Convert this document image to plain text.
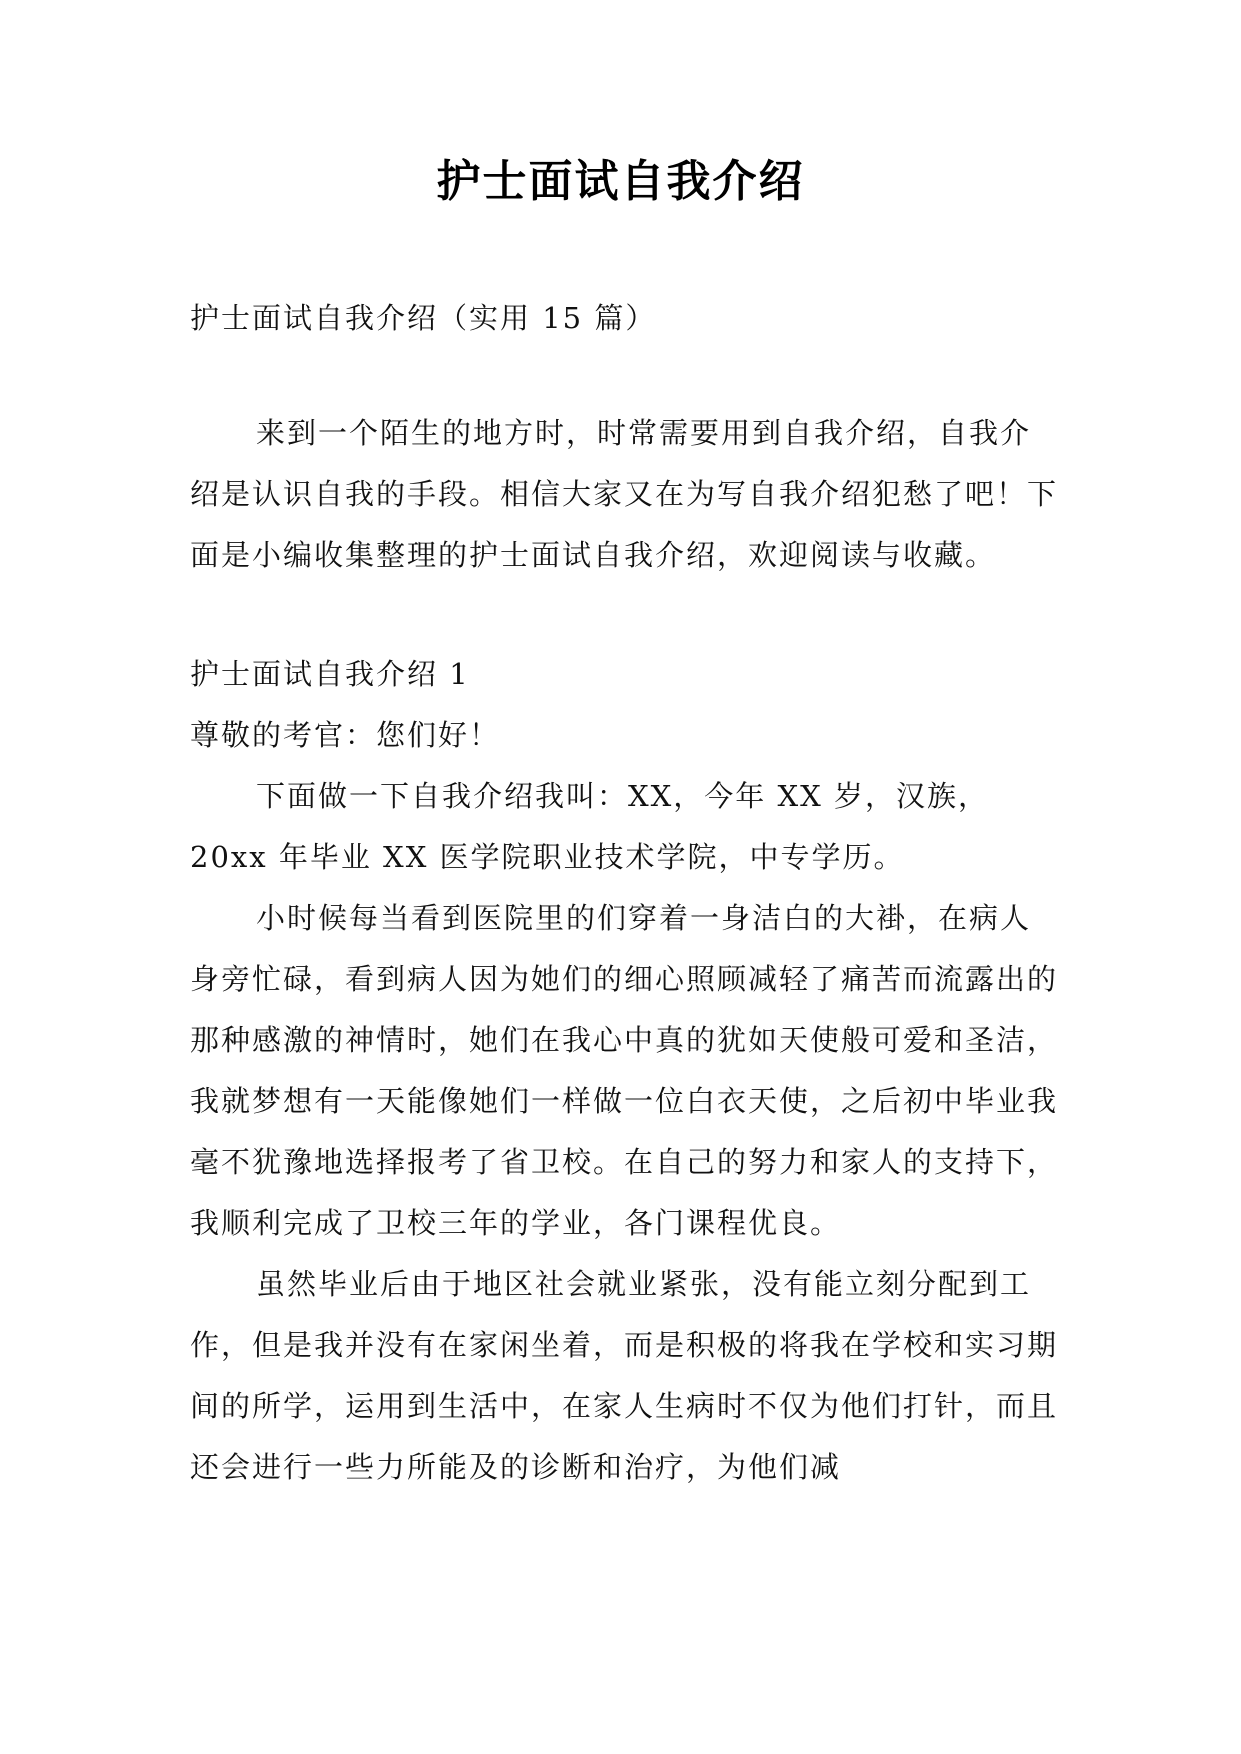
护士面试自我介绍

护士面试自我介绍（实用 15 篇）

来到一个陌生的地方时，时常需要用到自我介绍，自我介绍是认识自我的手段。相信大家又在为写自我介绍犯愁了吧！下面是小编收集整理的护士面试自我介绍，欢迎阅读与收藏。

护士面试自我介绍 1

尊敬的考官：您们好！

下面做一下自我介绍我叫：XX，今年 XX 岁，汉族，20xx 年毕业 XX 医学院职业技术学院，中专学历。

小时候每当看到医院里的们穿着一身洁白的大褂，在病人身旁忙碌，看到病人因为她们的细心照顾减轻了痛苦而流露出的那种感激的神情时，她们在我心中真的犹如天使般可爱和圣洁，我就梦想有一天能像她们一样做一位白衣天使，之后初中毕业我毫不犹豫地选择报考了省卫校。在自己的努力和家人的支持下，我顺利完成了卫校三年的学业，各门课程优良。

虽然毕业后由于地区社会就业紧张，没有能立刻分配到工作，但是我并没有在家闲坐着，而是积极的将我在学校和实习期间的所学，运用到生活中，在家人生病时不仅为他们打针，而且还会进行一些力所能及的诊断和治疗，为他们减
